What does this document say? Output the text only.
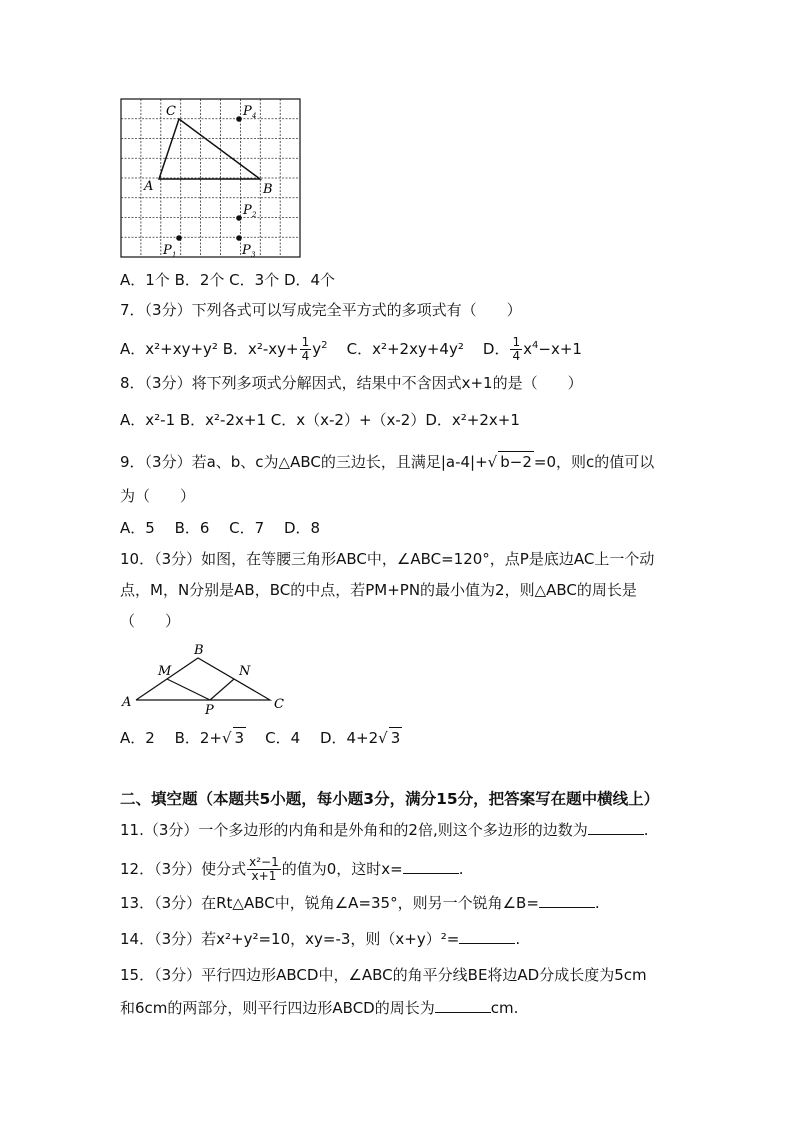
C
A	B
P 4
P 2
P 1	P 3
A．1个 B．2个 C．3个 D．4个
7．（3分）下列各式可以写成完全平方式的多项式有（　　）
A．x²+xy+y² B．$x^2-xy+ \frac{1}{4} y^2$ C．x²+2xy+4y² D． $\frac{1}{4} x^4-x+1$
8．（3分）将下列多项式分解因式，结果中不含因式x+1的是（　　）
A．x²-1 B．x²-2x+1 C．x（x-2）+（x-2）D．x²+2x+1
9．（3分）若a、b、c为△ABC的三边长，且满足|a-4|+√ b−2 =0，则c的值可以
为（　　）
A．5　 B．6　 C．7　 D．8
10．（3分）如图，在等腰三角形ABC中，∠ABC=120°，点P是底边AC上一个动
点，M，N分别是AB，BC的中点，若PM+PN的最小值为2，则△ABC的周长是
（　　）
A
B
C
M	N
P
A．2　 B．2+√ 3 C．4　 D．4+2√ 3
二、填空题（本题共5小题，每小题3分，满分15分，把答案写在题中横线上）
11.（3分）一个多边形的内角和是外角和的2倍,则这个多边形的边数为	.
12．（3分）使分式 $\frac{\text{x²−1}}{x+1}$ 的值为0，这时x=	.
13．（3分）在Rt△ABC中，锐角∠A=35°，则另一个锐角∠B=	.
14．（3分）若x²+y²=10，xy=-3，则（x+y）²=	.
15．（3分）平行四边形ABCD中，∠ABC的角平分线BE将边AD分成长度为5cm
和6cm的两部分，则平行四边形ABCD的周长为	cm.
